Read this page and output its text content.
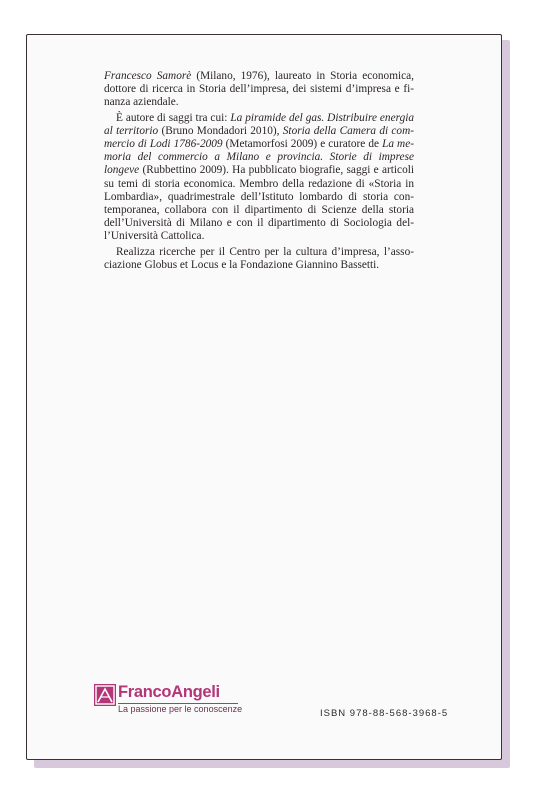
Francesco Samorè (Milano, 1976), laureato in Storia economica, dottore di ricerca in Storia dell’impresa, dei sistemi d’impresa e finanza aziendale.

È autore di saggi tra cui: La piramide del gas. Distribuire energia al territorio (Bruno Mondadori 2010), Storia della Camera di commercio di Lodi 1786-2009 (Metamorfosi 2009) e curatore de La memoria del commercio a Milano e provincia. Storie di imprese longeve (Rubbettino 2009). Ha pubblicato biografie, saggi e articoli su temi di storia economica. Membro della redazione di «Storia in Lombardia», quadrimestrale dell’Istituto lombardo di storia contemporanea, collabora con il dipartimento di Scienze della storia dell’Università di Milano e con il dipartimento di Sociologia dell’Università Cattolica.

Realizza ricerche per il Centro per la cultura d’impresa, l’associazione Globus et Locus e la Fondazione Giannino Bassetti.

FrancoAngeli
La passione per le conoscenze	ISBN 978-88-568-3968-5
